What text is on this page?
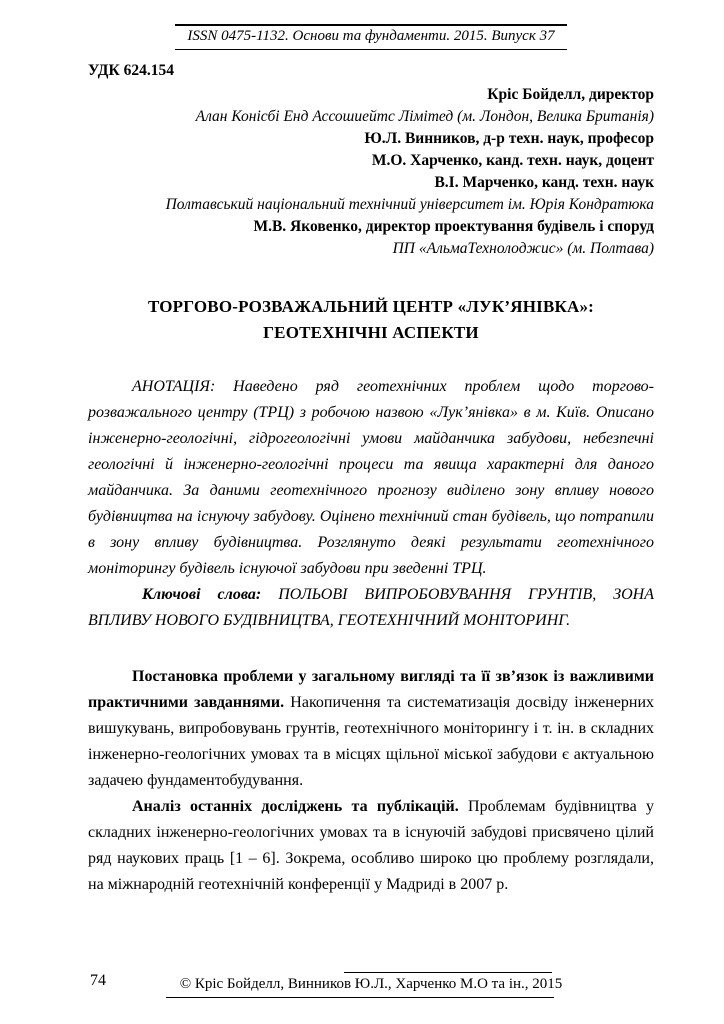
ISSN 0475-1132. Основи та фундаменти. 2015. Випуск 37
УДК 624.154
Кріс Бойделл, директор
Алан Конісбі Енд Ассошиейтс Лімітед (м. Лондон, Велика Британія)
Ю.Л. Винников, д-р техн. наук, професор
М.О. Харченко, канд. техн. наук, доцент
В.І. Марченко, канд. техн. наук
Полтавський національний технічний університет ім. Юрія Кондратюка
М.В. Яковенко, директор проектування будівель і споруд
ПП «АльмаТехнолоджис» (м. Полтава)
ТОРГОВО-РОЗВАЖАЛЬНИЙ ЦЕНТР «ЛУК’ЯНІВКА»:
ГЕОТЕХНІЧНІ АСПЕКТИ

АНОТАЦІЯ: Наведено ряд геотехнічних проблем щодо торгово-розважального центру (ТРЦ) з робочою назвою «Лук’янівка» в м. Київ. Описано інженерно-геологічні, гідрогеологічні умови майданчика забудови, небезпечні геологічні й інженерно-геологічні процеси та явища характерні для даного майданчика. За даними геотехнічного прогнозу виділено зону впливу нового будівництва на існуючу забудову. Оцінено технічний стан будівель, що потрапили в зону впливу будівництва. Розглянуто деякі результати геотехнічного моніторингу будівель існуючої забудови при зведенні ТРЦ.

Ключові слова: ПОЛЬОВІ ВИПРОБОВУВАННЯ ГРУНТІВ, ЗОНА ВПЛИВУ НОВОГО БУДІВНИЦТВА, ГЕОТЕХНІЧНИЙ МОНІТОРИНГ.

Постановка проблеми у загальному вигляді та її зв’язок із важливими практичними завданнями. Накопичення та систематизація досвіду інженерних вишукувань, випробовувань грунтів, геотехнічного моніторингу і т. ін. в складних інженерно-геологічних умовах та в місцях щільної міської забудови є актуальною задачею фундаментобудування.

Аналіз останніх досліджень та публікацій. Проблемам будівництва у складних інженерно-геологічних умовах та в існуючій забудові присвячено цілий ряд наукових праць [1 – 6]. Зокрема, особливо широко цю проблему розглядали, на міжнародній геотехнічній конференції у Мадриді в 2007 р.

© Кріс Бойделл, Винников Ю.Л., Харченко М.О та ін., 2015
74
